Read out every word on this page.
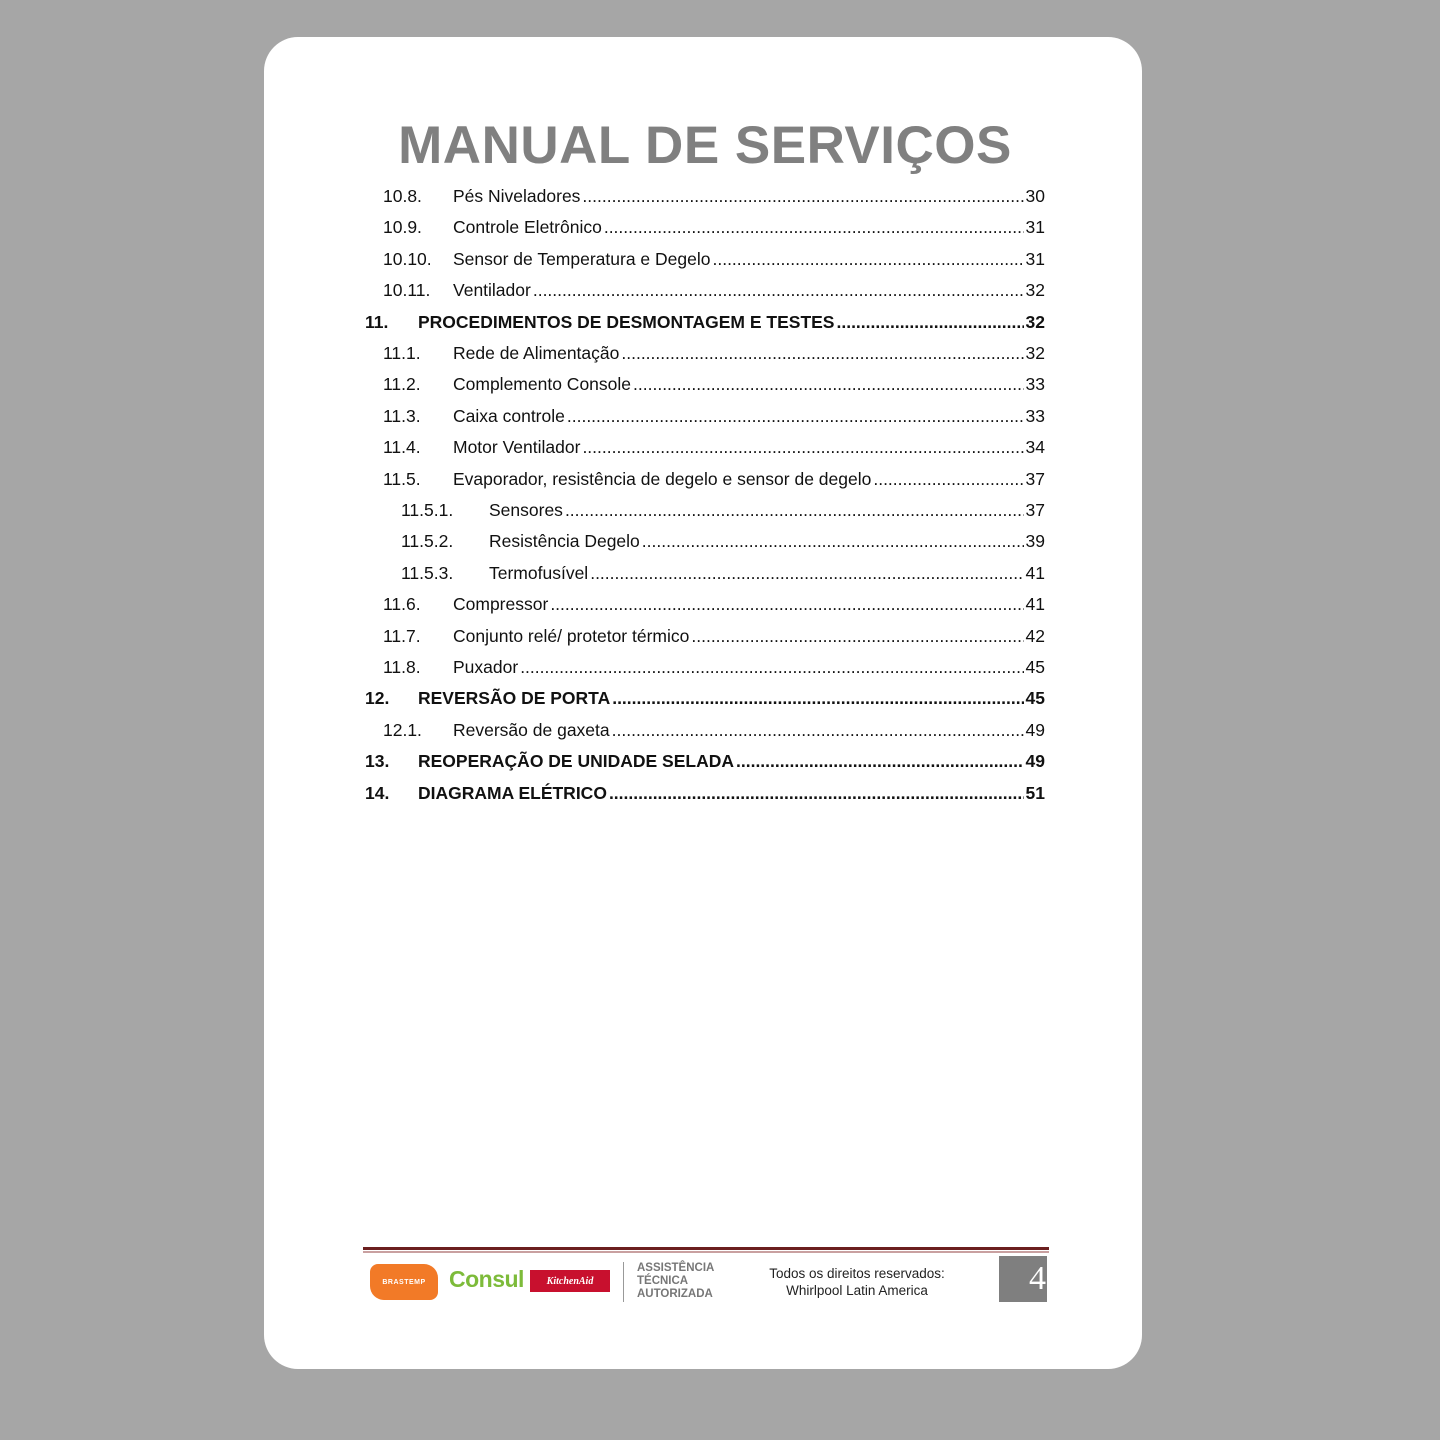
MANUAL DE SERVIÇOS
10.8.	Pés Niveladores .....	30
10.9.	Controle Eletrônico .....	31
10.10.	Sensor de Temperatura e Degelo .....	31
10.11.	Ventilador .....	32
11.	PROCEDIMENTOS DE DESMONTAGEM E TESTES .....	32
11.1.	Rede de Alimentação .....	32
11.2.	Complemento Console .....	33
11.3.	Caixa controle .....	33
11.4.	Motor Ventilador .....	34
11.5.	Evaporador, resistência de degelo e sensor de degelo .....	37
11.5.1.	Sensores .....	37
11.5.2.	Resistência Degelo .....	39
11.5.3.	Termofusível .....	41
11.6.	Compressor .....	41
11.7.	Conjunto relé/ protetor térmico .....	42
11.8.	Puxador .....	45
12.	REVERSÃO DE PORTA .....	45
12.1.	Reversão de gaxeta .....	49
13.	REOPERAÇÃO DE UNIDADE SELADA .....	49
14.	DIAGRAMA ELÉTRICO .....	51
BRASTEMP Consul KitchenAid
ASSISTÊNCIA
TÉCNICA
AUTORIZADA
Todos os direitos reservados:
Whirlpool Latin America	4
